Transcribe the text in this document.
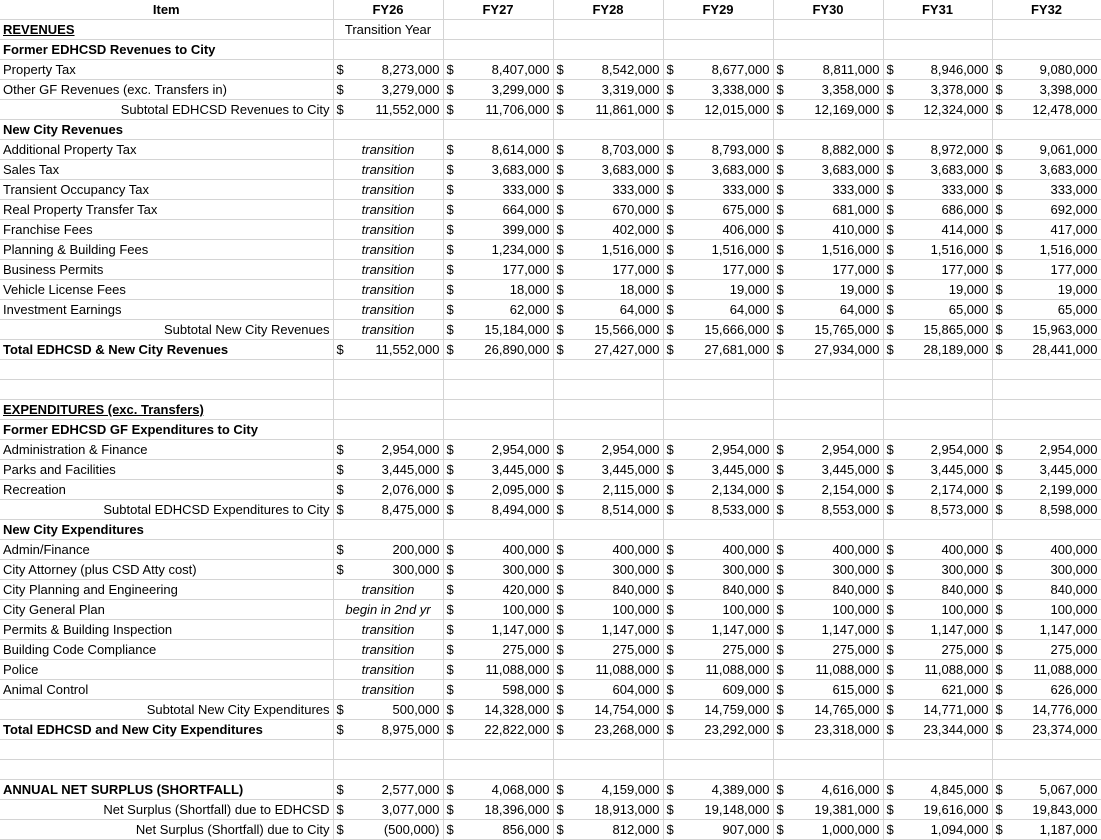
Item	FY26	FY27	FY28	FY29	FY30	FY31	FY32
REVENUES	Transition Year						
Former EDHCSD Revenues to City							
Property Tax	$ 8,273,000	$ 8,407,000	$ 8,542,000	$ 8,677,000	$ 8,811,000	$ 8,946,000	$ 9,080,000

Other GF Revenues (exc. Transfers in)	$ 3,279,000	$ 3,299,000	$ 3,319,000	$ 3,338,000	$ 3,358,000	$ 3,378,000	$ 3,398,000

Subtotal EDHCSD Revenues to City	$ 11,552,000	$ 11,706,000	$ 11,861,000	$ 12,015,000	$ 12,169,000	$ 12,324,000	$ 12,478,000

New City Revenues							
Additional Property Tax	transition	$ 8,614,000	$ 8,703,000	$ 8,793,000	$ 8,882,000	$ 8,972,000	$ 9,061,000

Sales Tax	transition	$ 3,683,000	$ 3,683,000	$ 3,683,000	$ 3,683,000	$ 3,683,000	$ 3,683,000

Transient Occupancy Tax	transition	$ 333,000	$ 333,000	$ 333,000	$ 333,000	$ 333,000	$ 333,000

Real Property Transfer Tax	transition	$ 664,000	$ 670,000	$ 675,000	$ 681,000	$ 686,000	$ 692,000

Franchise Fees	transition	$ 399,000	$ 402,000	$ 406,000	$ 410,000	$ 414,000	$ 417,000

Planning & Building Fees	transition	$ 1,234,000	$ 1,516,000	$ 1,516,000	$ 1,516,000	$ 1,516,000	$ 1,516,000

Business Permits	transition	$ 177,000	$ 177,000	$ 177,000	$ 177,000	$ 177,000	$ 177,000

Vehicle License Fees	transition	$ 18,000	$ 18,000	$ 19,000	$ 19,000	$ 19,000	$ 19,000

Investment Earnings	transition	$ 62,000	$ 64,000	$ 64,000	$ 64,000	$ 65,000	$ 65,000

Subtotal New City Revenues	transition	$ 15,184,000	$ 15,566,000	$ 15,666,000	$ 15,765,000	$ 15,865,000	$ 15,963,000

Total EDHCSD & New City Revenues	$ 11,552,000	$ 26,890,000	$ 27,427,000	$ 27,681,000	$ 27,934,000	$ 28,189,000	$ 28,441,000

EXPENDITURES (exc. Transfers)							
Former EDHCSD GF Expenditures to City							
Administration & Finance	$ 2,954,000	$ 2,954,000	$ 2,954,000	$ 2,954,000	$ 2,954,000	$ 2,954,000	$ 2,954,000

Parks and Facilities	$ 3,445,000	$ 3,445,000	$ 3,445,000	$ 3,445,000	$ 3,445,000	$ 3,445,000	$ 3,445,000

Recreation	$ 2,076,000	$ 2,095,000	$ 2,115,000	$ 2,134,000	$ 2,154,000	$ 2,174,000	$ 2,199,000

Subtotal EDHCSD Expenditures to City	$ 8,475,000	$ 8,494,000	$ 8,514,000	$ 8,533,000	$ 8,553,000	$ 8,573,000	$ 8,598,000

New City Expenditures							
Admin/Finance	$ 200,000	$ 400,000	$ 400,000	$ 400,000	$ 400,000	$ 400,000	$ 400,000

City Attorney (plus CSD Atty cost)	$ 300,000	$ 300,000	$ 300,000	$ 300,000	$ 300,000	$ 300,000	$ 300,000

City Planning and Engineering	transition	$ 420,000	$ 840,000	$ 840,000	$ 840,000	$ 840,000	$ 840,000

City General Plan	begin in 2nd yr	$ 100,000	$ 100,000	$ 100,000	$ 100,000	$ 100,000	$ 100,000

Permits & Building Inspection	transition	$ 1,147,000	$ 1,147,000	$ 1,147,000	$ 1,147,000	$ 1,147,000	$ 1,147,000

Building Code Compliance	transition	$ 275,000	$ 275,000	$ 275,000	$ 275,000	$ 275,000	$ 275,000

Police	transition	$ 11,088,000	$ 11,088,000	$ 11,088,000	$ 11,088,000	$ 11,088,000	$ 11,088,000

Animal Control	transition	$ 598,000	$ 604,000	$ 609,000	$ 615,000	$ 621,000	$ 626,000

Subtotal New City Expenditures	$ 500,000	$ 14,328,000	$ 14,754,000	$ 14,759,000	$ 14,765,000	$ 14,771,000	$ 14,776,000

Total EDHCSD and New City Expenditures	$ 8,975,000	$ 22,822,000	$ 23,268,000	$ 23,292,000	$ 23,318,000	$ 23,344,000	$ 23,374,000

ANNUAL NET SURPLUS (SHORTFALL)	$ 2,577,000	$ 4,068,000	$ 4,159,000	$ 4,389,000	$ 4,616,000	$ 4,845,000	$ 5,067,000

Net Surplus (Shortfall) due to EDHCSD	$ 3,077,000	$ 18,396,000	$ 18,913,000	$ 19,148,000	$ 19,381,000	$ 19,616,000	$ 19,843,000

Net Surplus (Shortfall) due to City	$ (500,000)	$ 856,000	$ 812,000	$ 907,000	$ 1,000,000	$ 1,094,000	$ 1,187,000
